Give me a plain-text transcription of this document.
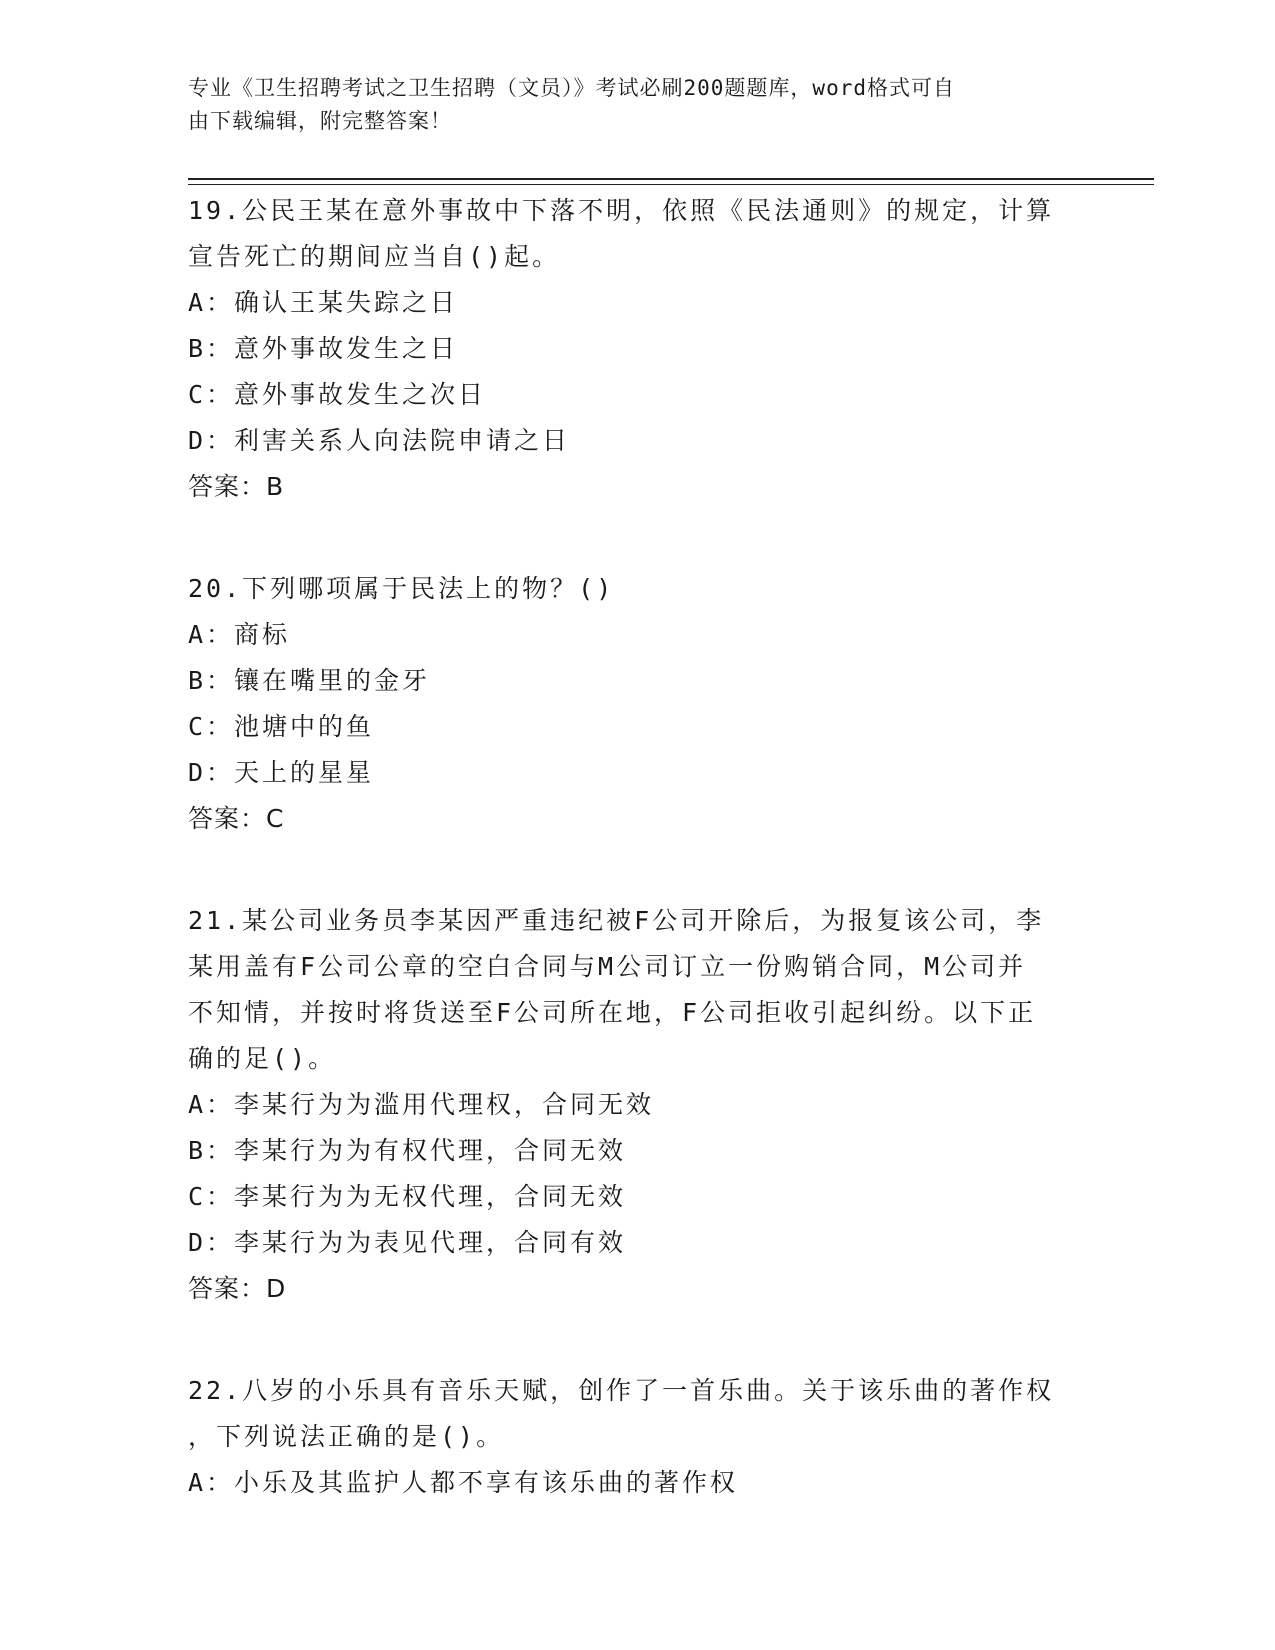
专业《卫生招聘考试之卫生招聘（文员）》考试必刷200题题库，word格式可自
由下载编辑，附完整答案！
19.公民王某在意外事故中下落不明，依照《民法通则》的规定，计算
宣告死亡的期间应当自()起。
A：确认王某失踪之日
B：意外事故发生之日
C：意外事故发生之次日
D：利害关系人向法院申请之日
答案：B
20.下列哪项属于民法上的物？()
A：商标
B：镶在嘴里的金牙
C：池塘中的鱼
D：天上的星星
答案：C
21.某公司业务员李某因严重违纪被F公司开除后，为报复该公司，李
某用盖有F公司公章的空白合同与M公司订立一份购销合同，M公司并
不知情，并按时将货送至F公司所在地，F公司拒收引起纠纷。以下正
确的足()。
A：李某行为为滥用代理权，合同无效
B：李某行为为有权代理，合同无效
C：李某行为为无权代理，合同无效
D：李某行为为表见代理，合同有效
答案：D
22.八岁的小乐具有音乐天赋，创作了一首乐曲。关于该乐曲的著作权
，下列说法正确的是()。
A：小乐及其监护人都不享有该乐曲的著作权
